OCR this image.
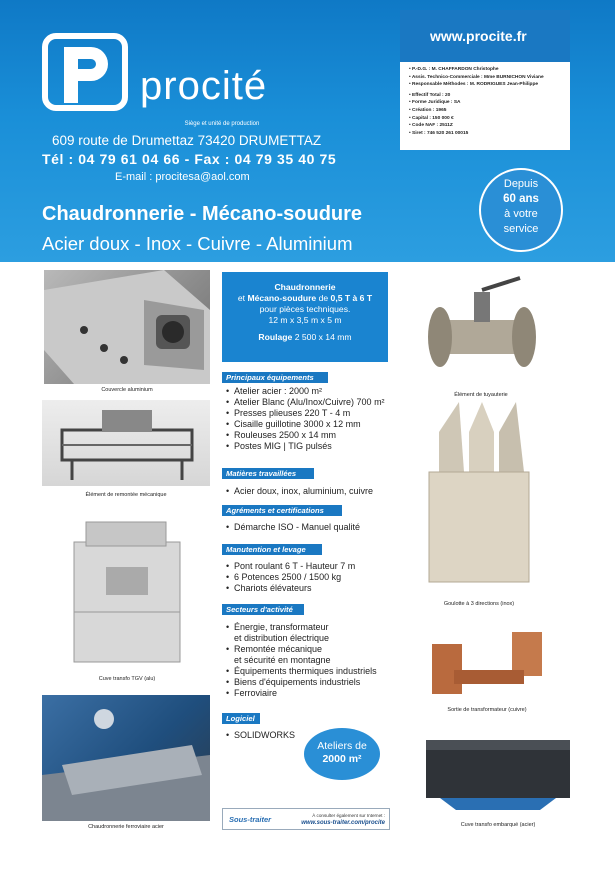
procité
Siège et unité de production
609 route de Drumettaz 73420 DRUMETTAZ
Tél : 04 79 61 04 66 - Fax : 04 79 35 40 75
E-mail : procitesa@aol.com
www.procite.fr
• P.-D.G. : M. CHAFFARDON Christophe
• Assis. Technico-Commerciale : Mme BURNICHON Viviane
• Responsable Méthodes : M. RODRIGUES Jean-Philippe
• Effectif Total : 20
• Forme Juridique : SA
• Création : 1965
• Capital : 150 000 €
• Code NAF : 2511Z
• Siret : 746 520 261 00015
Depuis
60 ans
à votre
service
Chaudronnerie - Mécano-soudure
Acier doux - Inox - Cuivre - Aluminium
Couvercle aluminium
Élément de remontée mécanique
Cuve transfo TGV (alu)
Chaudronnerie ferroviaire acier
Élément de tuyauterie
Goulotte à 3 directions (inox)
Sortie de transformateur (cuivre)
Cuve transfo embarqué (acier)
Chaudronnerie
et Mécano-soudure de 0,5 T à 6 T
pour pièces techniques.
12 m x 3,5 m x 5 m
Roulage 2 500 x 14 mm
Principaux équipements
• Atelier acier : 2000 m²
• Atelier Blanc (Alu/Inox/Cuivre) 700 m²
• Presses plieuses 220 T - 4 m
• Cisaille guillotine 3000 x 12 mm
• Rouleuses 2500 x 14 mm
• Postes MIG | TIG pulsés
Matières travaillées
• Acier doux, inox, aluminium, cuivre
Agréments et certifications
• Démarche ISO - Manuel qualité
Manutention et levage
• Pont roulant 6 T - Hauteur 7 m
• 6 Potences 2500 / 1500 kg
• Chariots élévateurs
Secteurs d'activité
• Énergie, transformateur
et distribution électrique
• Remontée mécanique
et sécurité en montagne
• Équipements thermiques industriels
• Biens d'équipements industriels
• Ferroviaire
Logiciel
• SOLIDWORKS
Ateliers de
2000 m²
Sous-traiter	À consulter également sur Internet :
www.sous-traiter.com/procite
